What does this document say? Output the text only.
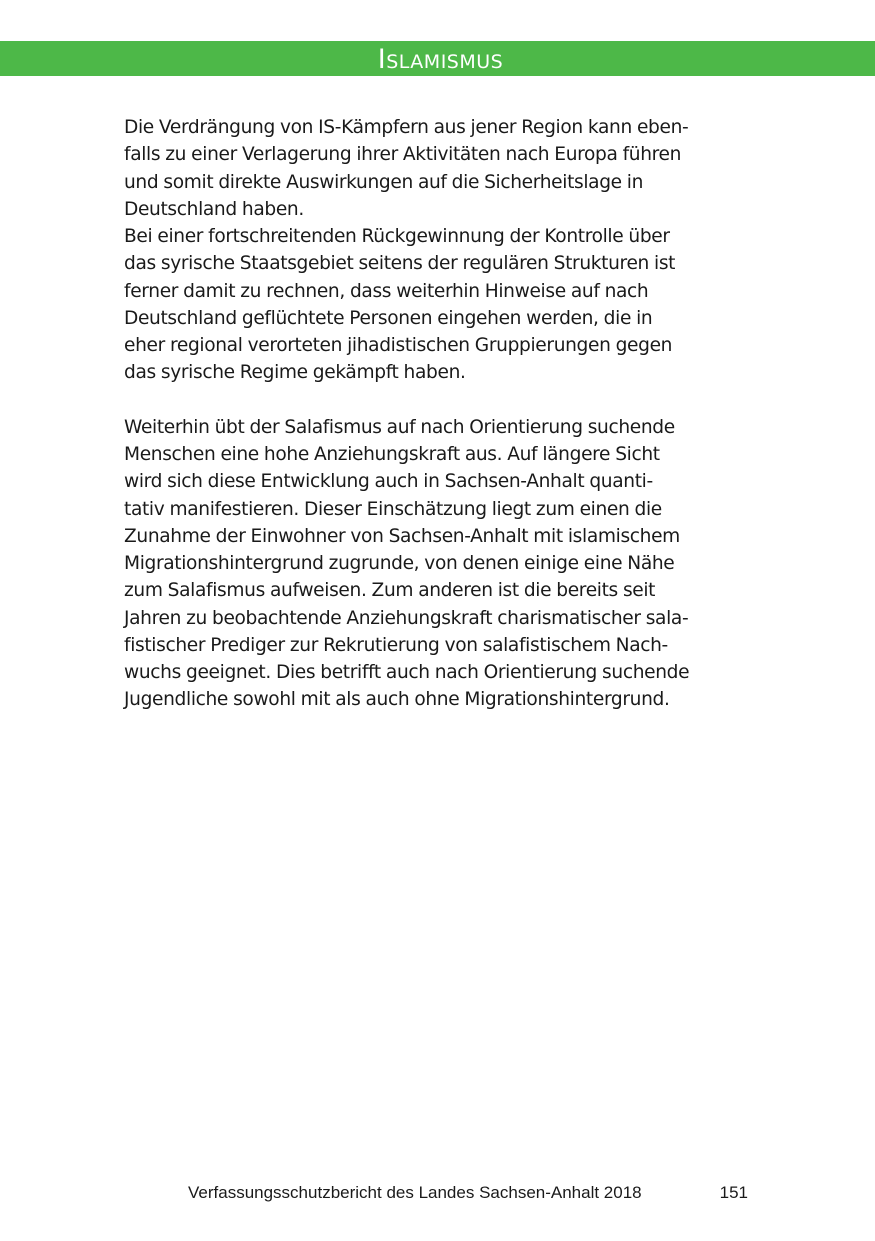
Islamismus
Die Verdrängung von IS-Kämpfern aus jener Region kann eben-
falls zu einer Verlagerung ihrer Aktivitäten nach Europa führen
und somit direkte Auswirkungen auf die Sicherheitslage in
Deutschland haben.
Bei einer fortschreitenden Rückgewinnung der Kontrolle über
das syrische Staatsgebiet seitens der regulären Strukturen ist
ferner damit zu rechnen, dass weiterhin Hinweise auf nach
Deutschland geflüchtete Personen eingehen werden, die in
eher regional verorteten jihadistischen Gruppierungen gegen
das syrische Regime gekämpft haben.
Weiterhin übt der Salafismus auf nach Orientierung suchende
Menschen eine hohe Anziehungskraft aus. Auf längere Sicht
wird sich diese Entwicklung auch in Sachsen-Anhalt quanti-
tativ manifestieren. Dieser Einschätzung liegt zum einen die
Zunahme der Einwohner von Sachsen-Anhalt mit islamischem
Migrationshintergrund zugrunde, von denen einige eine Nähe
zum Salafismus aufweisen. Zum anderen ist die bereits seit
Jahren zu beobachtende Anziehungskraft charismatischer sala-
fistischer Prediger zur Rekrutierung von salafistischem Nach-
wuchs geeignet. Dies betrifft auch nach Orientierung suchende
Jugendliche sowohl mit als auch ohne Migrationshintergrund.
Verfassungsschutzbericht des Landes Sachsen-Anhalt 2018	151
